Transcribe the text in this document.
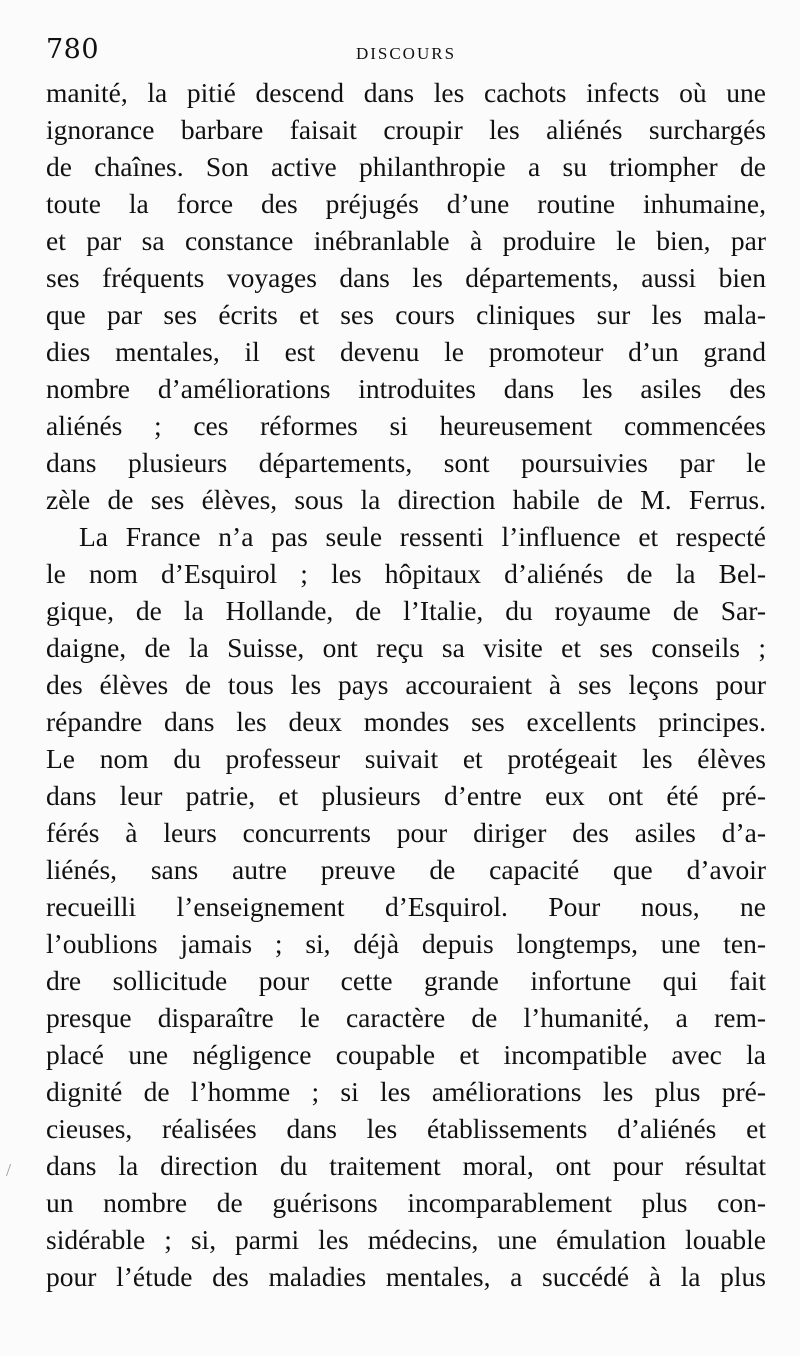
780	DISCOURS
manité, la pitié descend dans les cachots infects où une
ignorance barbare faisait croupir les aliénés surchargés
de chaînes. Son active philanthropie a su triompher de
toute la force des préjugés d’une routine inhumaine,
et par sa constance inébranlable à produire le bien, par
ses fréquents voyages dans les départements, aussi bien
que par ses écrits et ses cours cliniques sur les mala-
dies mentales, il est devenu le promoteur d’un grand
nombre d’améliorations introduites dans les asiles des
aliénés ; ces réformes si heureusement commencées
dans plusieurs départements, sont poursuivies par le
zèle de ses élèves, sous la direction habile de M. Ferrus.
La France n’a pas seule ressenti l’influence et respecté
le nom d’Esquirol ; les hôpitaux d’aliénés de la Bel-
gique, de la Hollande, de l’Italie, du royaume de Sar-
daigne, de la Suisse, ont reçu sa visite et ses conseils ;
des élèves de tous les pays accouraient à ses leçons pour
répandre dans les deux mondes ses excellents principes.
Le nom du professeur suivait et protégeait les élèves
dans leur patrie, et plusieurs d’entre eux ont été pré-
férés à leurs concurrents pour diriger des asiles d’a-
liénés, sans autre preuve de capacité que d’avoir
recueilli l’enseignement d’Esquirol. Pour nous, ne
l’oublions jamais ; si, déjà depuis longtemps, une ten-
dre sollicitude pour cette grande infortune qui fait
presque disparaître le caractère de l’humanité, a rem-
placé une négligence coupable et incompatible avec la
dignité de l’homme ; si les améliorations les plus pré-
cieuses, réalisées dans les établissements d’aliénés et
dans la direction du traitement moral, ont pour résultat
un nombre de guérisons incomparablement plus con-
sidérable ; si, parmi les médecins, une émulation louable
pour l’étude des maladies mentales, a succédé à la plus
/
